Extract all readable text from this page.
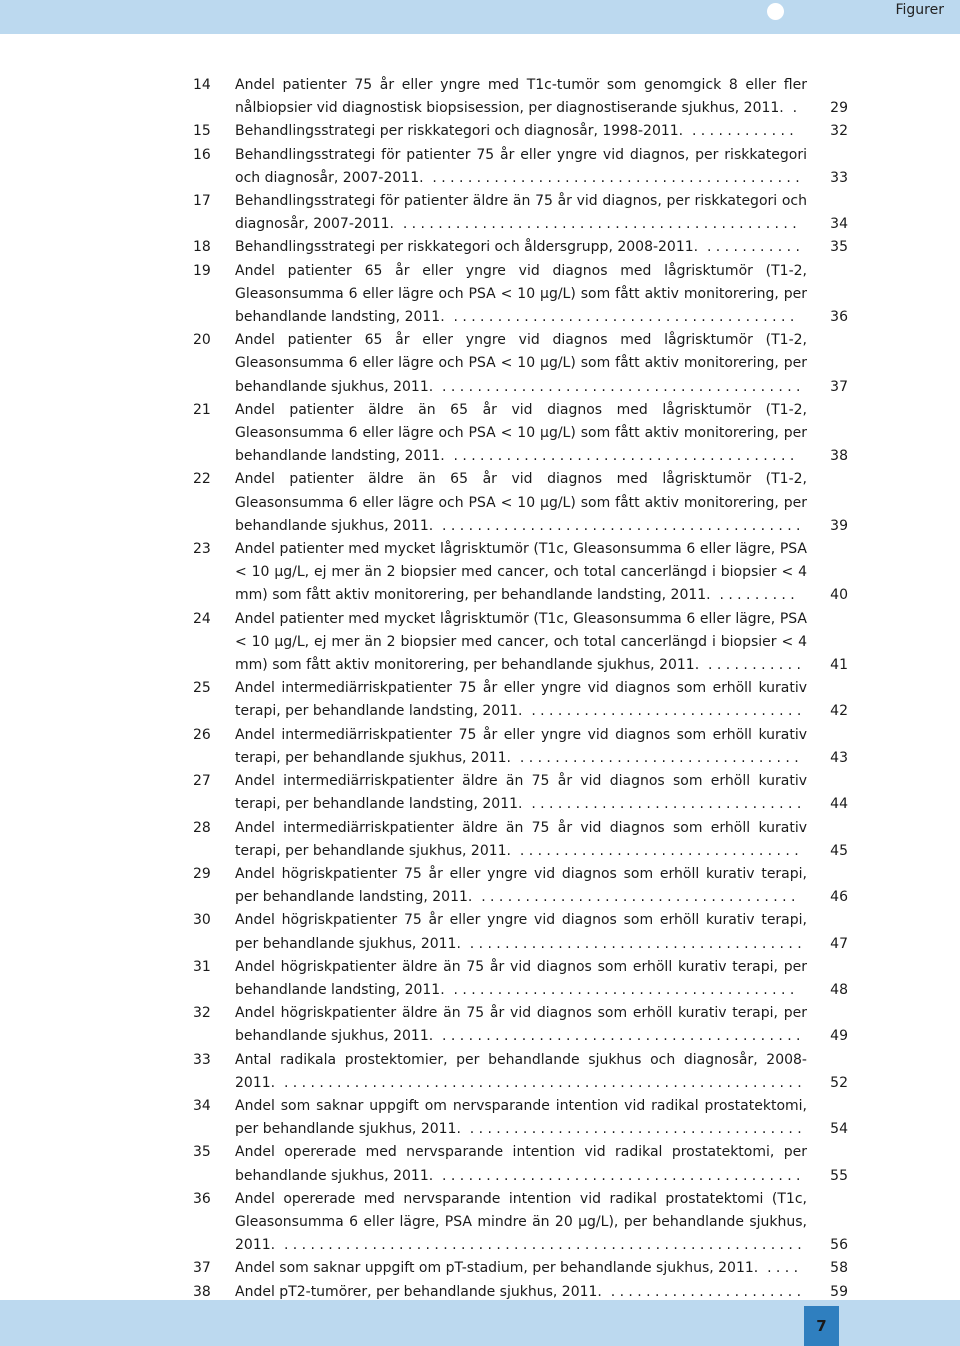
Figurer
14	Andel patienter 75 år eller yngre med T1c-tumör som genomgick 8 eller fler nålbiopsier vid diagnostisk biopsisession, per diagnostiserande sjukhus, 2011. .	29
15	Behandlingsstrategi per riskkategori och diagnosår, 1998-2011. ............	32
16	Behandlingsstrategi för patienter 75 år eller yngre vid diagnos, per riskkategori och diagnosår, 2007-2011. ..........................................	33
17	Behandlingsstrategi för patienter äldre än 75 år vid diagnos, per riskkategori och diagnosår, 2007-2011. .............................................	34
18	Behandlingsstrategi per riskkategori och åldersgrupp, 2008-2011. ...........	35
19	Andel patienter 65 år eller yngre vid diagnos med lågrisktumör (T1-2, Gleasonsumma 6 eller lägre och PSA < 10 μg/L) som fått aktiv monitorering, per behandlande landsting, 2011. .......................................	36
20	Andel patienter 65 år eller yngre vid diagnos med lågrisktumör (T1-2, Gleasonsumma 6 eller lägre och PSA < 10 μg/L) som fått aktiv monitorering, per behandlande sjukhus, 2011. .........................................	37
21	Andel patienter äldre än 65 år vid diagnos med lågrisktumör (T1-2, Gleasonsumma 6 eller lägre och PSA < 10 μg/L) som fått aktiv monitorering, per behandlande landsting, 2011. .......................................	38
22	Andel patienter äldre än 65 år vid diagnos med lågrisktumör (T1-2, Gleasonsumma 6 eller lägre och PSA < 10 μg/L) som fått aktiv monitorering, per behandlande sjukhus, 2011. .........................................	39
23	Andel patienter med mycket lågrisktumör (T1c, Gleasonsumma 6 eller lägre, PSA < 10 μg/L, ej mer än 2 biopsier med cancer, och total cancerlängd i biopsier < 4 mm) som fått aktiv monitorering, per behandlande landsting, 2011. .........	40
24	Andel patienter med mycket lågrisktumör (T1c, Gleasonsumma 6 eller lägre, PSA < 10 μg/L, ej mer än 2 biopsier med cancer, och total cancerlängd i biopsier < 4 mm) som fått aktiv monitorering, per behandlande sjukhus, 2011. ...........	41
25	Andel intermediärriskpatienter 75 år eller yngre vid diagnos som erhöll kurativ terapi, per behandlande landsting, 2011. ...............................	42
26	Andel intermediärriskpatienter 75 år eller yngre vid diagnos som erhöll kurativ terapi, per behandlande sjukhus, 2011. ................................	43
27	Andel intermediärriskpatienter äldre än 75 år vid diagnos som erhöll kurativ terapi, per behandlande landsting, 2011. ...............................	44
28	Andel intermediärriskpatienter äldre än 75 år vid diagnos som erhöll kurativ terapi, per behandlande sjukhus, 2011. ................................	45
29	Andel högriskpatienter 75 år eller yngre vid diagnos som erhöll kurativ terapi, per behandlande landsting, 2011. ....................................	46
30	Andel högriskpatienter 75 år eller yngre vid diagnos som erhöll kurativ terapi, per behandlande sjukhus, 2011. ......................................	47
31	Andel högriskpatienter äldre än 75 år vid diagnos som erhöll kurativ terapi, per behandlande landsting, 2011. .......................................	48
32	Andel högriskpatienter äldre än 75 år vid diagnos som erhöll kurativ terapi, per behandlande sjukhus, 2011. .........................................	49
33	Antal radikala prostektomier, per behandlande sjukhus och diagnosår, 2008-2011. ...........................................................	52
34	Andel som saknar uppgift om nervsparande intention vid radikal prostatektomi, per behandlande sjukhus, 2011. ......................................	54
35	Andel opererade med nervsparande intention vid radikal prostatektomi, per behandlande sjukhus, 2011. .........................................	55
36	Andel opererade med nervsparande intention vid radikal prostatektomi (T1c, Gleasonsumma 6 eller lägre, PSA mindre än 20 μg/L), per behandlande sjukhus, 2011. ...........................................................	56
37	Andel som saknar uppgift om pT-stadium, per behandlande sjukhus, 2011. ....	58
38	Andel pT2-tumörer, per behandlande sjukhus, 2011. ......................	59
7
